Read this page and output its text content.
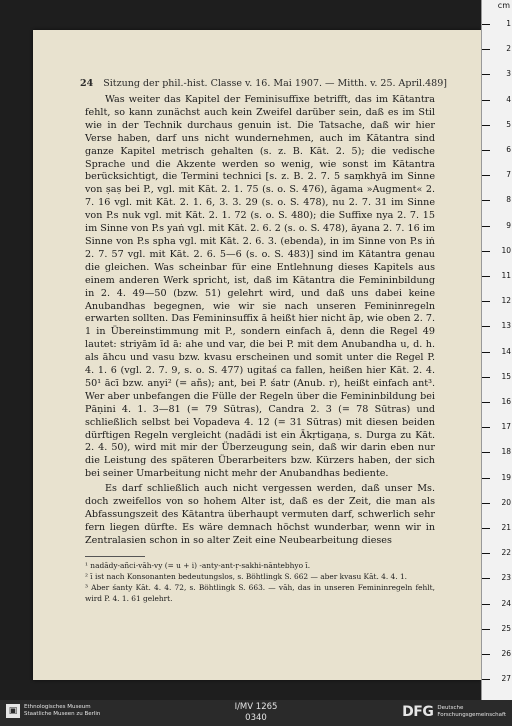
24 Sitzung der phil.-hist. Classe v. 16. Mai 1907. — Mitth. v. 25. April. 489]

Was weiter das Kapitel der Feminisuffixe betrifft, das im Kātantra fehlt, so kann zunächst auch kein Zweifel darüber sein, daß es im Stil wie in der Technik durchaus genuin ist. Die Tatsache, daß wir hier Verse haben, darf uns nicht wundernehmen, auch im Kātantra sind ganze Kapitel metrisch gehalten (s. z. B. Kāt. 2. 5); die vedische Sprache und die Akzente werden so wenig, wie sonst im Kātantra berücksichtigt, die Termini technici [s. z. B. 2. 7. 5 saṃkhyā im Sinne von ṣaṣ bei P., vgl. mit Kāt. 2. 1. 75 (s. o. S. 476), āgama »Augment« 2. 7. 16 vgl. mit Kāt. 2. 1. 6, 3. 3. 29 (s. o. S. 478), nu 2. 7. 31 im Sinne von P.s nuk vgl. mit Kāt. 2. 1. 72 (s. o. S. 480); die Suffixe nya 2. 7. 15 im Sinne von P.s yaṅ vgl. mit Kāt. 2. 6. 2 (s. o. S. 478), āyana 2. 7. 16 im Sinne von P.s spha vgl. mit Kāt. 2. 6. 3. (ebenda), in im Sinne von P.s iṅ 2. 7. 57 vgl. mit Kāt. 2. 6. 5—6 (s. o. S. 483)] sind im Kātantra genau die gleichen. Was scheinbar für eine Entlehnung dieses Kapitels aus einem anderen Werk spricht, ist, daß im Kātantra die Femininbildung in 2. 4. 49—50 (bzw. 51) gelehrt wird, und daß uns dabei keine Anubandhas begegnen, wie wir sie nach unseren Femininregeln erwarten sollten. Das Femininsuffix ā heißt hier nicht āp, wie oben 2. 7. 1 in Übereinstimmung mit P., sondern einfach ā, denn die Regel 49 lautet: striyām īd ā: ahe und var, die bei P. mit dem Anubandha u, d. h. als āhcu und vasu bzw. kvasu erscheinen und somit unter die Regel P. 4. 1. 6 (vgl. 2. 7. 9, s. o. S. 477) ugitaś ca fallen, heißen hier Kāt. 2. 4. 50¹ ācī bzw. anyi² (= añs); ant, bei P. śatr (Anub. r), heißt einfach ant³. Wer aber unbefangen die Fülle der Regeln über die Femininbildung bei Pāṇini 4. 1. 3—81 (= 79 Sūtras), Candra 2. 3 (= 78 Sūtras) und schließlich selbst bei Vopadeva 4. 12 (= 31 Sūtras) mit diesen beiden dürftigen Regeln vergleicht (nadādi ist ein Ākṛtigaṇa, s. Durga zu Kāt. 2. 4. 50), wird mit mir der Überzeugung sein, daß wir darin eben nur die Leistung des späteren Überarbeiters bzw. Kürzers haben, der sich bei seiner Umarbeitung nicht mehr der Anubandhas bediente.

Es darf schließlich auch nicht vergessen werden, daß unser Ms. doch zweifellos von so hohem Alter ist, daß es der Zeit, die man als Abfassungszeit des Kātantra überhaupt vermuten darf, schwerlich sehr fern liegen dürfte. Es wäre demnach höchst wunderbar, wenn wir in Zentralasien schon in so alter Zeit eine Neubearbeitung dieses

¹ nadādy-añci-vāh-vy (= u + i) -anty-ant-ṛ-sakhi-nāntebhyo ī.

² ī ist nach Konsonanten bedeutungslos, s. Böhtlingk S. 662 — aber kvasu Kāt. 4. 4. 1.

³ Aber śanty Kāt. 4. 4. 72, s. Böhtlingk S. 663. — vāh, das in unseren Femininregeln fehlt, wird P. 4. 1. 61 gelehrt.

cm
1
2
3
4
5
6
7
8
9
10
11
12
13
14
15
16
17
18
19
20
21
22
23
24
25
26
27
▣	Ethnologisches Museum
Staatliche Museen zu Berlin
I/MV 1265
0340	DFG Deutsche
Forschungsgemeinschaft
